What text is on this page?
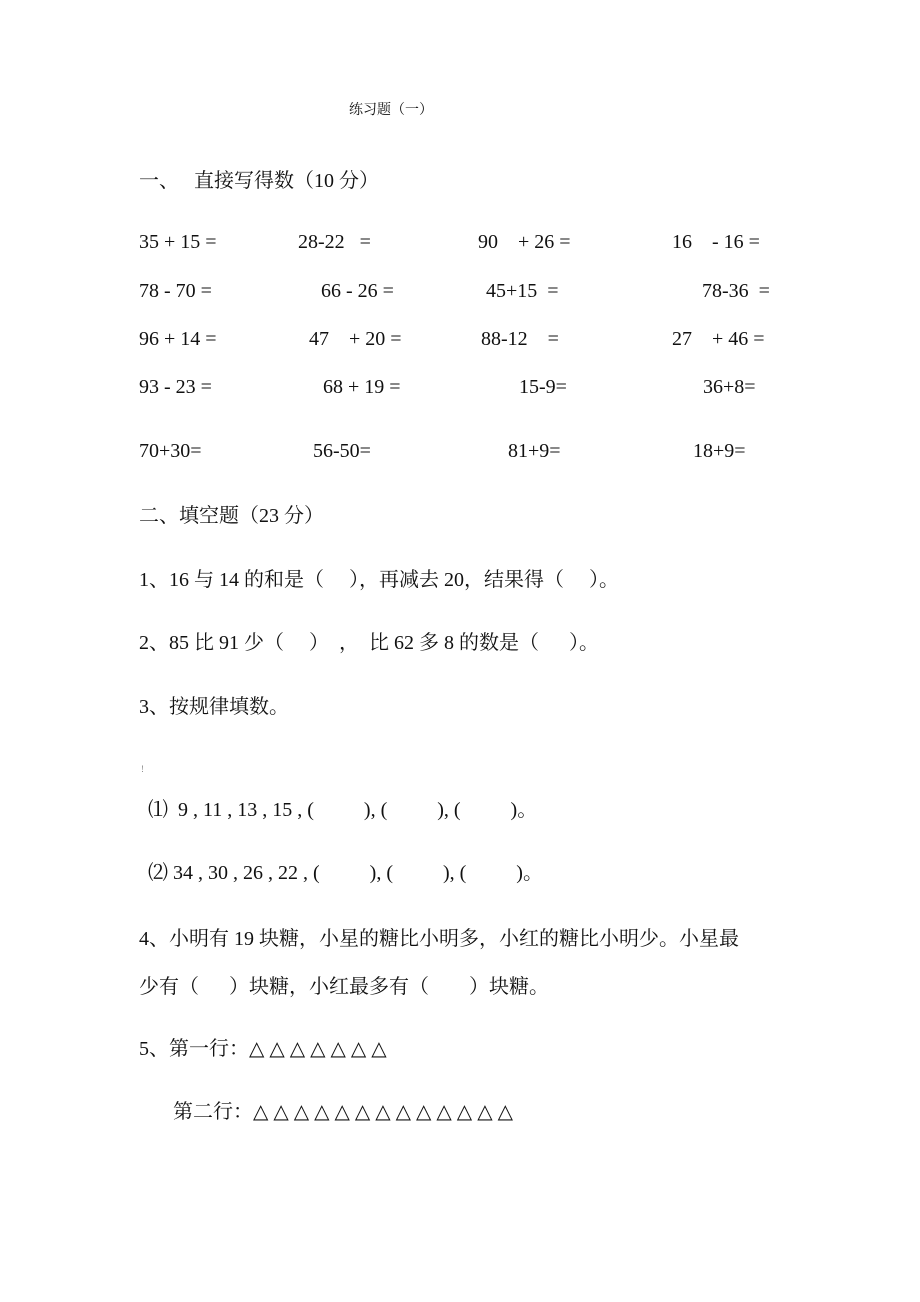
练习题（一）
一、   直接写得数（10 分）
35 + 15 =	28-22   =	90    + 26 =	16    - 16 =
78 - 70 =	66 - 26 =	45+15  =	78-36  =
96 + 14 =	47    + 20 =	88-12    =	27    + 46 =
93 - 23 =	68 + 19 =	15-9=	36+8=
70+30=	56-50=	81+9=	18+9=
二、填空题（23 分）
1、16 与 14 的和是（     ），再减去 20，结果得（     ）。
2、85 比 91 少（     ）  ，  比 62 多 8 的数是（      ）。
3、按规律填数。
!
⑴  9 , 11 , 13 , 15 , (          ), (          ), (          )。
⑵ 34 , 30 , 26 , 22 , (          ), (          ), (          )。
4、小明有 19 块糖，小星的糖比小明多，小红的糖比小明少。小星最
少有（      ）块糖，小红最多有（        ）块糖。
5、第一行：△ △ △ △ △ △ △
第二行：△ △ △ △ △ △ △ △ △ △ △ △ △
